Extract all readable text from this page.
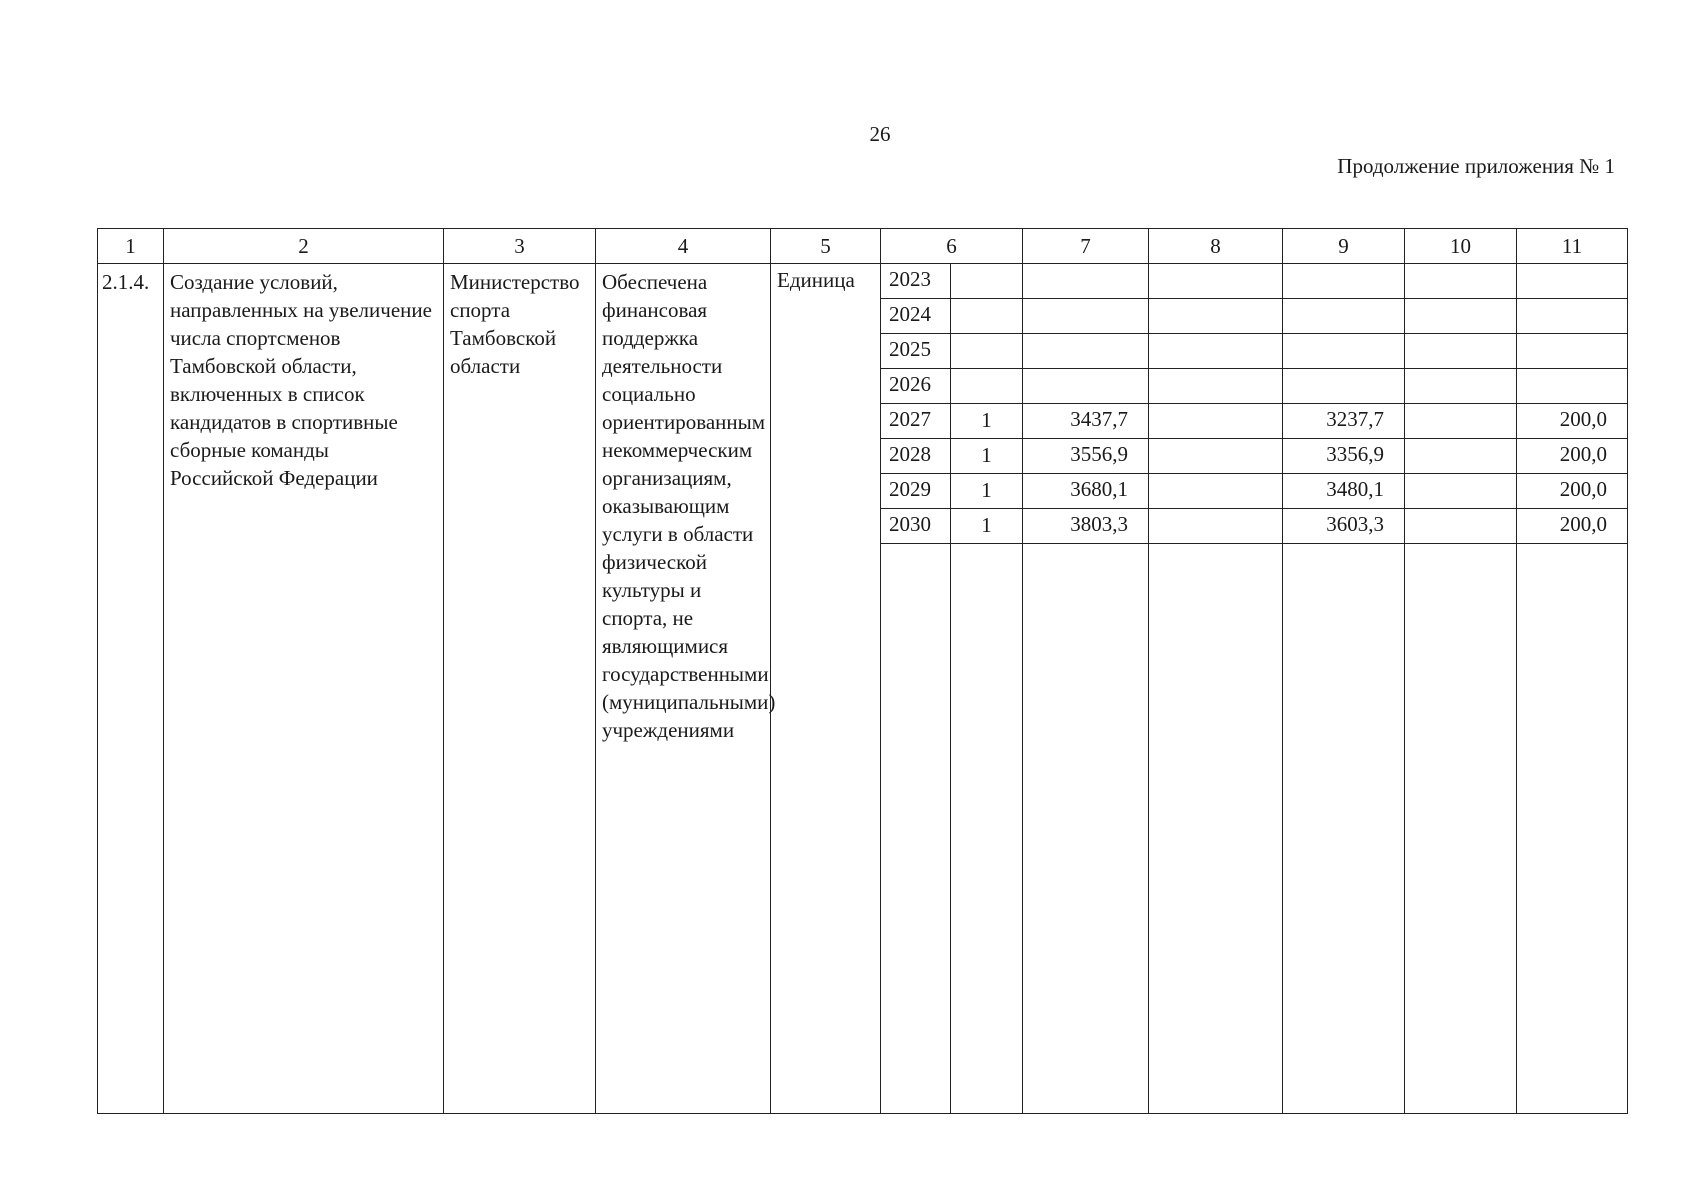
26
Продолжение приложения № 1
1	2	3	4	5	6		7	8	9	10	11

2.1.4.	Создание условий, направленных на увеличение числа спортсменов Тамбовской области, включенных в список кандидатов в спортивные сборные команды Российской Федерации	Министерство спорта Тамбовской области	Обеспечена финансовая поддержка деятельности социально ориентированным некоммерческим организациям, оказывающим услуги в области физической культуры и спорта, не являющимися государственными (муниципальными) учреждениями	Единица	2023						

					2024						

					2025						

					2026						

					2027	1	3437,7		3237,7		200,0

					2028	1	3556,9		3356,9		200,0

					2029	1	3680,1		3480,1		200,0

					2030	1	3803,3		3603,3		200,0
